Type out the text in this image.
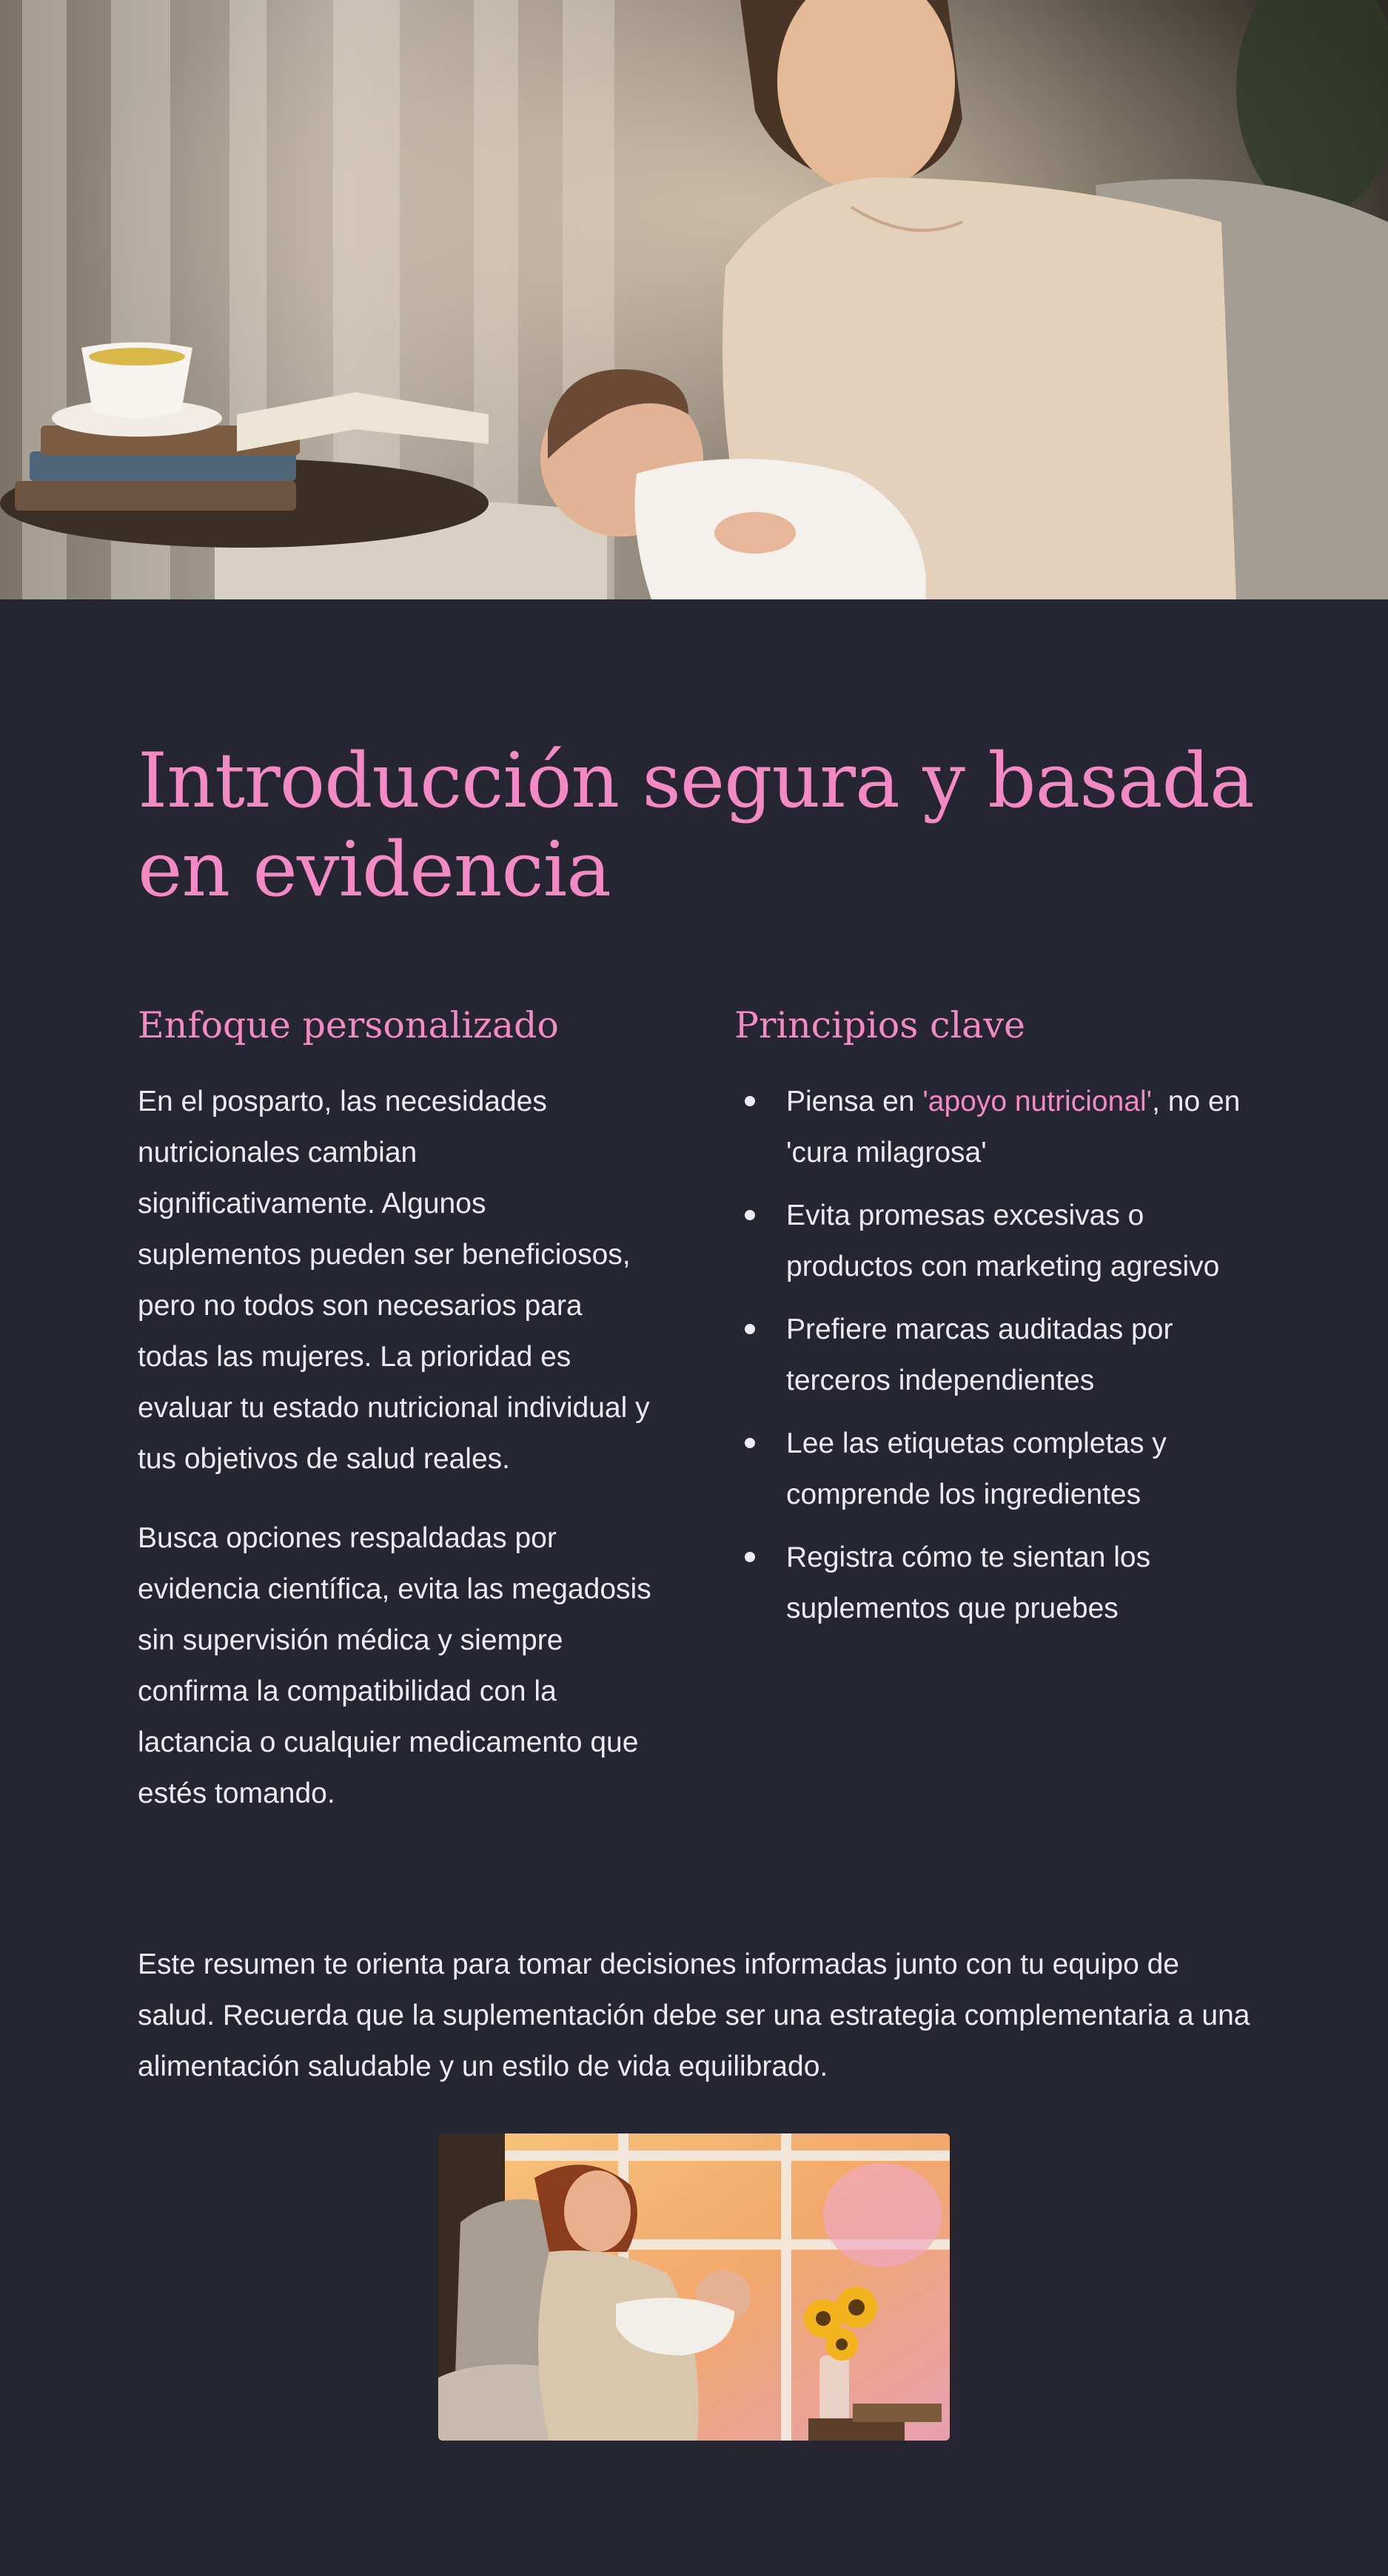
Introducción segura y basada en evidencia
Enfoque personalizado

En el posparto, las necesidades nutricionales cambian significativamente. Algunos suplementos pueden ser beneficiosos, pero no todos son necesarios para todas las mujeres. La prioridad es evaluar tu estado nutricional individual y tus objetivos de salud reales.

Busca opciones respaldadas por evidencia científica, evita las megadosis sin supervisión médica y siempre confirma la compatibilidad con la lactancia o cualquier medicamento que estés tomando.

Principios clave
Piensa en 'apoyo nutricional', no en 'cura milagrosa'
Evita promesas excesivas o productos con marketing agresivo
Prefiere marcas auditadas por terceros independientes
Lee las etiquetas completas y comprende los ingredientes
Registra cómo te sientan los suplementos que pruebes

Este resumen te orienta para tomar decisiones informadas junto con tu equipo de salud. Recuerda que la suplementación debe ser una estrategia complementaria a una alimentación saludable y un estilo de vida equilibrado.
